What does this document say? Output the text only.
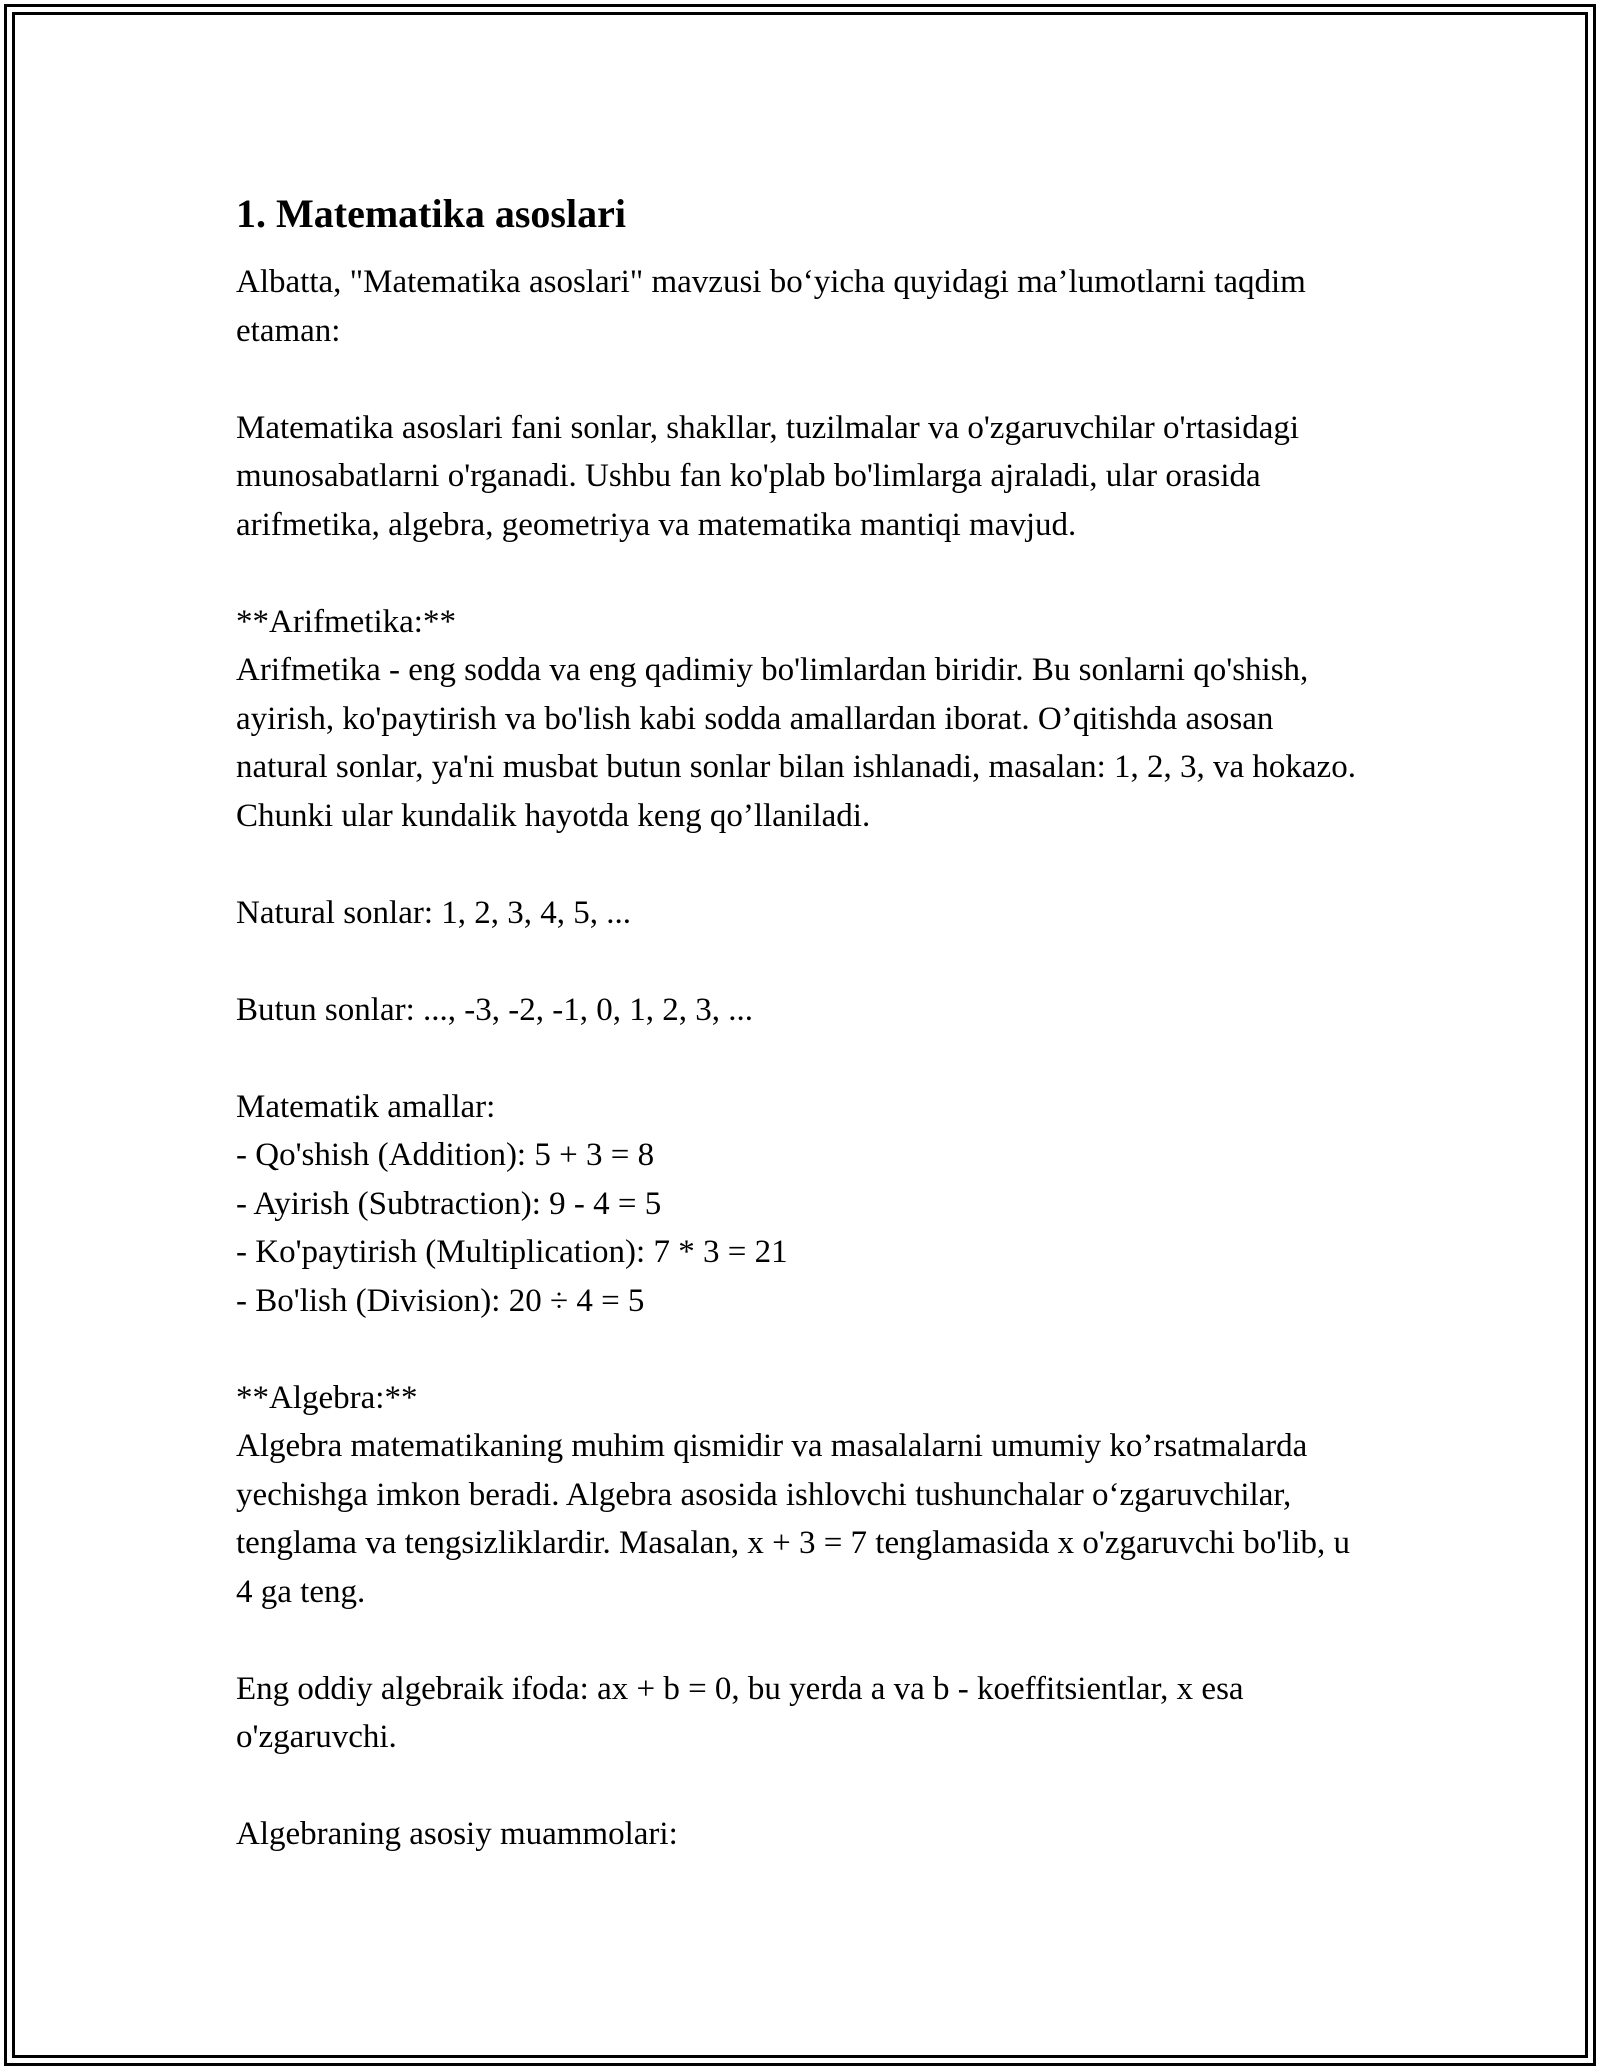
1. Matematika asoslari

Albatta, "Matematika asoslari" mavzusi bo‘yicha quyidagi ma’lumotlarni taqdim etaman:

Matematika asoslari fani sonlar, shakllar, tuzilmalar va o'zgaruvchilar o'rtasidagi munosabatlarni o'rganadi. Ushbu fan ko'plab bo'limlarga ajraladi, ular orasida arifmetika, algebra, geometriya va matematika mantiqi mavjud.

**Arifmetika:**

Arifmetika - eng sodda va eng qadimiy bo'limlardan biridir. Bu sonlarni qo'shish, ayirish, ko'paytirish va bo'lish kabi sodda amallardan iborat. O’qitishda asosan natural sonlar, ya'ni musbat butun sonlar bilan ishlanadi, masalan: 1, 2, 3, va hokazo. Chunki ular kundalik hayotda keng qo’llaniladi.

Natural sonlar: 1, 2, 3, 4, 5, ...

Butun sonlar: ..., -3, -2, -1, 0, 1, 2, 3, ...

Matematik amallar:

- Qo'shish (Addition): 5 + 3 = 8

- Ayirish (Subtraction): 9 - 4 = 5

- Ko'paytirish (Multiplication): 7 * 3 = 21

- Bo'lish (Division): 20 ÷ 4 = 5

**Algebra:**

Algebra matematikaning muhim qismidir va masalalarni umumiy ko’rsatmalarda yechishga imkon beradi. Algebra asosida ishlovchi tushunchalar o‘zgaruvchilar, tenglama va tengsizliklardir. Masalan, x + 3 = 7 tenglamasida x o'zgaruvchi bo'lib, u 4 ga teng.

Eng oddiy algebraik ifoda: ax + b = 0, bu yerda a va b - koeffitsientlar, x esa o'zgaruvchi.

Algebraning asosiy muammolari:
